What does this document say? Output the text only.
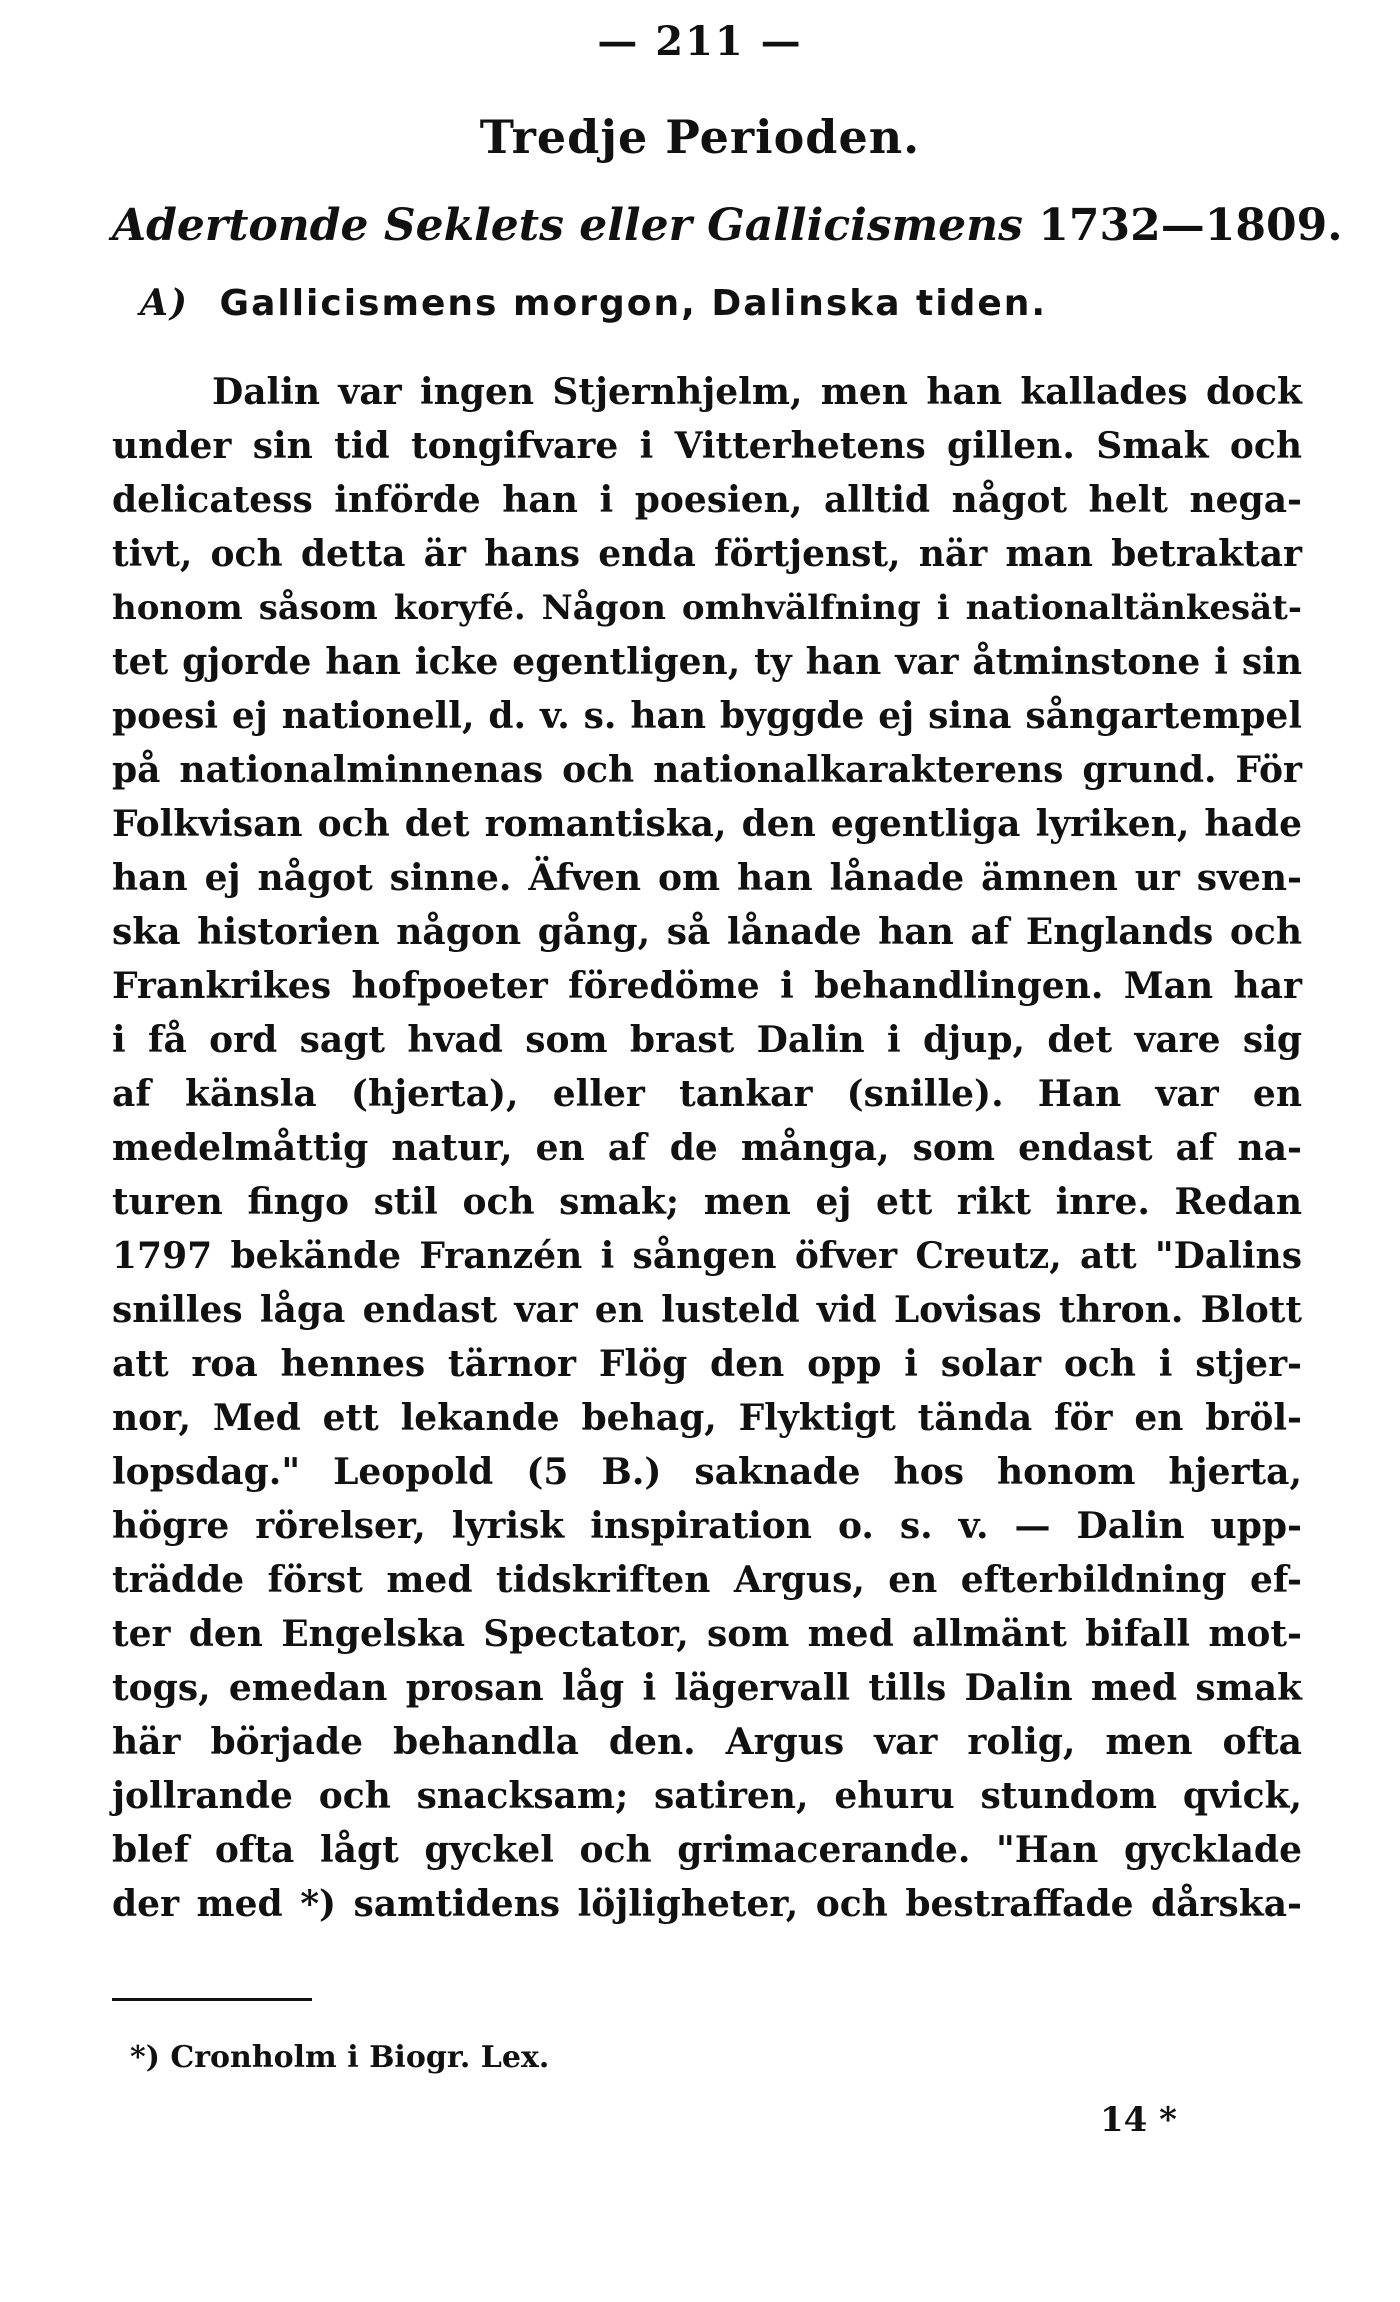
— 211 —
Tredje Perioden.
Adertonde Seklets eller Gallicismens 1732—1809.
A) Gallicismens morgon, Dalinska tiden.
Dalin var ingen Stjernhjelm, men han kallades dock
under sin tid tongifvare i Vitterhetens gillen. Smak och
delicatess införde han i poesien, alltid något helt nega-
tivt, och detta är hans enda förtjenst, när man betraktar
honom såsom koryfé. Någon omhvälfning i nationaltänkesät-
tet gjorde han icke egentligen, ty han var åtminstone i sin
poesi ej nationell, d. v. s. han byggde ej sina sångartempel
på nationalminnenas och nationalkarakterens grund. För
Folkvisan och det romantiska, den egentliga lyriken, hade
han ej något sinne. Äfven om han lånade ämnen ur sven-
ska historien någon gång, så lånade han af Englands och
Frankrikes hofpoeter föredöme i behandlingen. Man har
i få ord sagt hvad som brast Dalin i djup, det vare sig
af känsla (hjerta), eller tankar (snille). Han var en
medelmåttig natur, en af de många, som endast af na-
turen fingo stil och smak; men ej ett rikt inre. Redan
1797 bekände Franzén i sången öfver Creutz, att "Dalins
snilles låga endast var en lusteld vid Lovisas thron. Blott
att roa hennes tärnor Flög den opp i solar och i stjer-
nor, Med ett lekande behag, Flyktigt tända för en bröl-
lopsdag." Leopold (5 B.) saknade hos honom hjerta,
högre rörelser, lyrisk inspiration o. s. v. — Dalin upp-
trädde först med tidskriften Argus, en efterbildning ef-
ter den Engelska Spectator, som med allmänt bifall mot-
togs, emedan prosan låg i lägervall tills Dalin med smak
här började behandla den. Argus var rolig, men ofta
jollrande och snacksam; satiren, ehuru stundom qvick,
blef ofta lågt gyckel och grimacerande. "Han gycklade
der med *) samtidens löjligheter, och bestraffade dårska-
*) Cronholm i Biogr. Lex.
14 *
